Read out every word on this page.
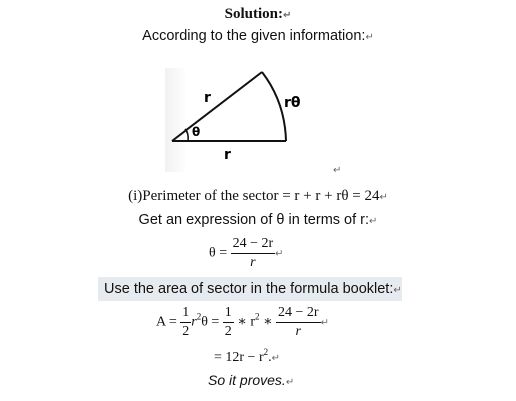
Solution:↵
According to the given information:↵
r	rθ
θ
r
↵
(i)Perimeter of the sector = r + r + rθ = 24↵
Get an expression of θ in terms of r:↵
$\theta = \frac{24 - 2r}{r}$ ↵
Use the area of sector in the formula booklet:↵
$A = \frac{1}{2} r^2\theta = \frac{1}{2}$ ∗ $r^2$ ∗ $\frac{24 - 2r}{r}$ ↵
= $12r - r^2.↵$
So it proves.↵
